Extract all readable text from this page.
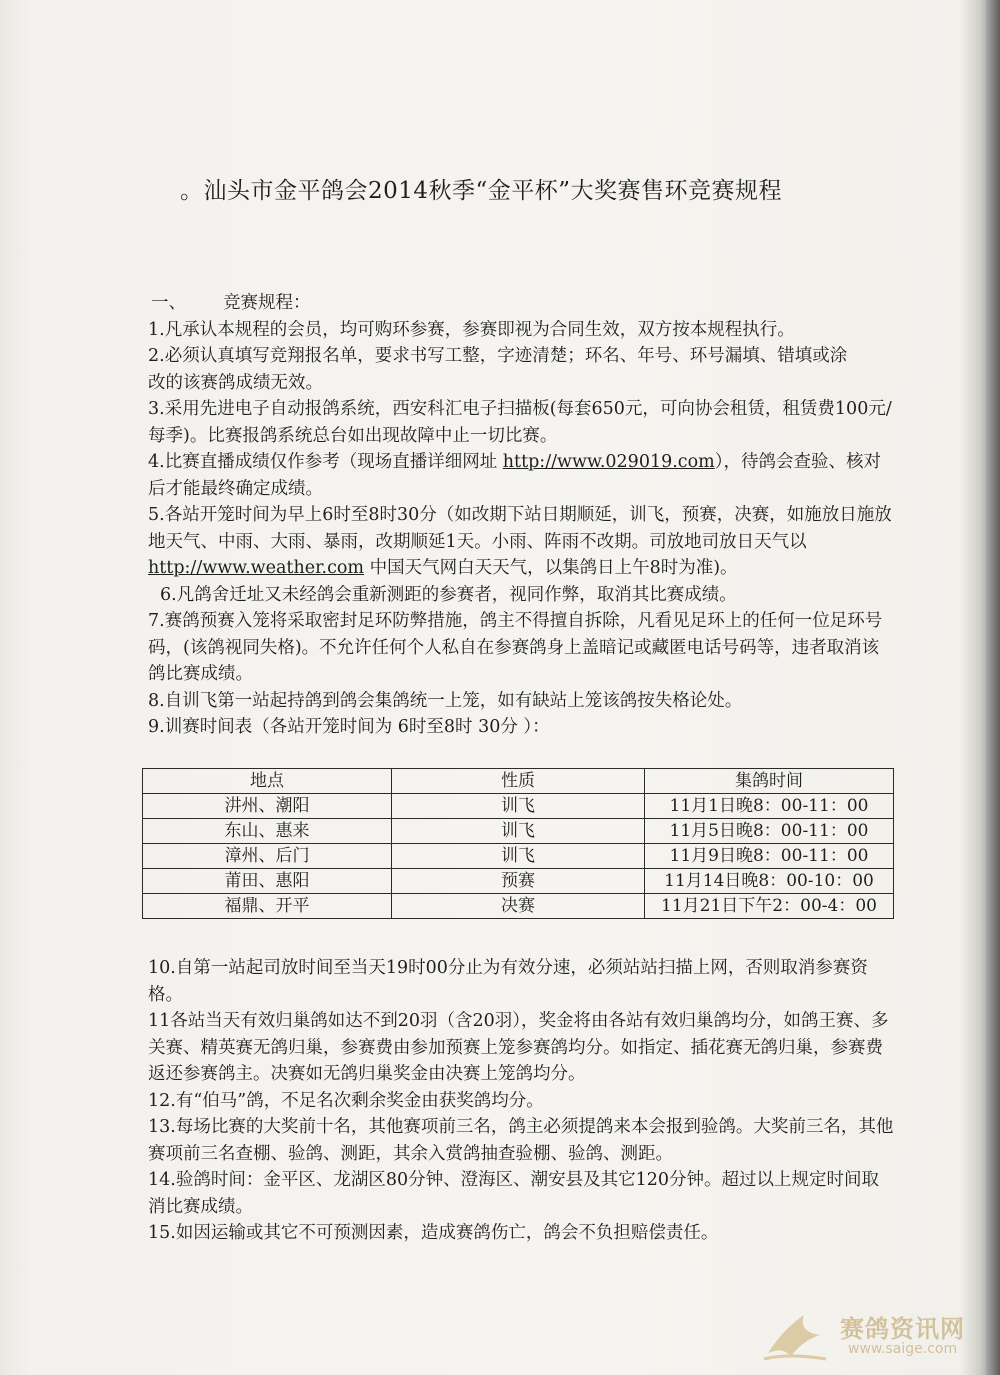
。汕头市金平鸽会2014秋季“金平杯”大奖赛售环竞赛规程

一、 竞赛规程：

1.凡承认本规程的会员，均可购环参赛，参赛即视为合同生效，双方按本规程执行。

2.必须认真填写竞翔报名单，要求书写工整，字迹清楚；环名、年号、环号漏填、错填或涂

改的该赛鸽成绩无效。

3.采用先进电子自动报鸽系统，西安科汇电子扫描板(每套650元，可向协会租赁，租赁费100元/每季)。比赛报鸽系统总台如出现故障中止一切比赛。

4.比赛直播成绩仅作参考（现场直播详细网址 http://www.029019.com），待鸽会查验、核对后才能最终确定成绩。

5.各站开笼时间为早上6时至8时30分（如改期下站日期顺延，训飞，预赛，决赛，如施放日施放地天气、中雨、大雨、暴雨，改期顺延1天。小雨、阵雨不改期。司放地司放日天气以 http://www.weather.com 中国天气网白天天气，以集鸽日上午8时为准)。

6.凡鸽舍迁址又未经鸽会重新测距的参赛者，视同作弊，取消其比赛成绩。

7.赛鸽预赛入笼将采取密封足环防弊措施，鸽主不得擅自拆除，凡看见足环上的任何一位足环号码，(该鸽视同失格)。不允许任何个人私自在参赛鸽身上盖暗记或藏匿电话号码等，违者取消该鸽比赛成绩。

8.自训飞第一站起持鸽到鸽会集鸽统一上笼，如有缺站上笼该鸽按失格论处。

9.训赛时间表（各站开笼时间为 6时至8时 30分 ）：

地点	性质	集鸽时间
汫州、潮阳	训飞	11月1日晚8：00-11：00
东山、惠来	训飞	11月5日晚8：00-11：00
漳州、后门	训飞	11月9日晚8：00-11：00
莆田、惠阳	预赛	11月14日晚8：00-10：00
福鼎、开平	决赛	11月21日下午2：00-4：00

10.自第一站起司放时间至当天19时00分止为有效分速，必须站站扫描上网，否则取消参赛资格。

11各站当天有效归巢鸽如达不到20羽（含20羽），奖金将由各站有效归巢鸽均分，如鸽王赛、多关赛、精英赛无鸽归巢，参赛费由参加预赛上笼参赛鸽均分。如指定、插花赛无鸽归巢，参赛费返还参赛鸽主。决赛如无鸽归巢奖金由决赛上笼鸽均分。

12.有“伯马”鸽，不足名次剩余奖金由获奖鸽均分。

13.每场比赛的大奖前十名，其他赛项前三名，鸽主必须提鸽来本会报到验鸽。大奖前三名，其他赛项前三名查棚、验鸽、测距，其余入赏鸽抽查验棚、验鸽、测距。

14.验鸽时间：金平区、龙湖区80分钟、澄海区、潮安县及其它120分钟。超过以上规定时间取消比赛成绩。

15.如因运输或其它不可预测因素，造成赛鸽伤亡，鸽会不负担赔偿责任。

赛鸽资讯网
www.saige.com
